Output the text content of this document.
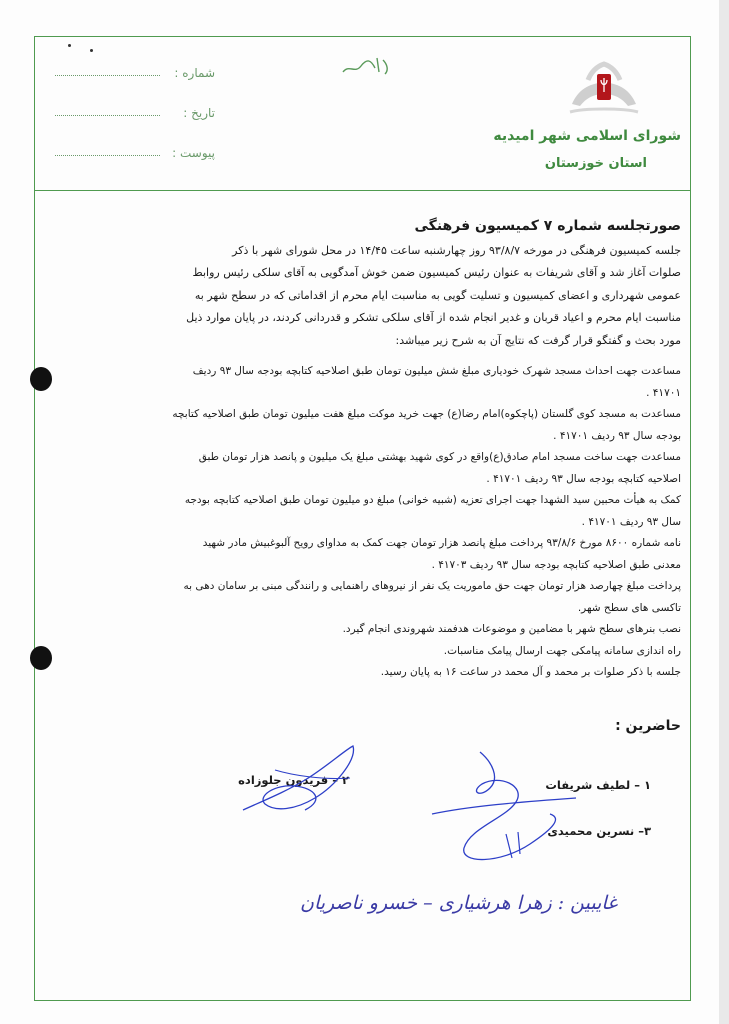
شماره :
تاریخ :
پیوست :
شورای اسلامی شهر امیدیه
استان خوزستان
صورتجلسه شماره ۷ کمیسیون فرهنگی
جلسه کمیسیون فرهنگی در مورخه ۹۳/۸/۷ روز چهارشنبه ساعت ۱۴/۴۵ در محل شورای شهر با ذکر
صلوات آغاز شد و آقای شریفات به عنوان رئیس کمیسیون ضمن خوش آمدگویی به آقای سلکی رئیس روابط
عمومی شهرداری و اعضای کمیسیون و تسلیت گویی به مناسبت ایام محرم از اقداماتی که در سطح شهر به
مناسبت ایام محرم و اعیاد قربان و غدیر انجام شده از آقای سلکی تشکر و قدردانی کردند، در پایان موارد ذیل
مورد بحث و گفتگو قرار گرفت که نتایج آن به شرح زیر میباشد:
مساعدت جهت احداث مسجد شهرک خودیاری مبلغ شش میلیون تومان طبق اصلاحیه کتابچه بودجه سال ۹۳ ردیف
۴۱۷۰۱ .
مساعدت به مسجد کوی گلستان (پاچکوه)امام رضا(ع) جهت خرید موکت مبلغ هفت میلیون تومان طبق اصلاحیه کتابچه
بودجه سال ۹۳ ردیف ۴۱۷۰۱ .
مساعدت جهت ساخت مسجد امام صادق(ع)واقع در کوی شهید بهشتی مبلغ یک میلیون و پانصد هزار تومان طبق
اصلاحیه کتابچه بودجه سال ۹۳ ردیف ۴۱۷۰۱ .
کمک به هیأت محبین سید الشهدا جهت اجرای تعزیه (شبیه خوانی) مبلغ دو میلیون تومان طبق اصلاحیه کتابچه بودجه
سال ۹۳ ردیف ۴۱۷۰۱ .
نامه شماره ۸۶۰۰ مورخ ۹۳/۸/۶ پرداخت مبلغ پانصد هزار تومان جهت کمک به مداوای رویح آلبوغبیش مادر شهید
معدنی طبق اصلاحیه کتابچه بودجه سال ۹۳ ردیف ۴۱۷۰۳ .
پرداخت مبلغ چهارصد هزار تومان جهت حق ماموریت یک نفر از نیروهای راهنمایی و رانندگی مبنی بر سامان دهی به
تاکسی های سطح شهر.
نصب بنرهای سطح شهر با مضامین و موضوعات هدفمند شهروندی انجام گیرد.
راه اندازی سامانه پیامکی جهت ارسال پیامک مناسبات.
جلسه با ذکر صلوات بر محمد و آل محمد در ساعت ۱۶ به پایان رسید.
حاضرین :
۱ – لطیف شریفات
۲ – فریدون جلوزاده
۳– نسرین محمیدی
غایبین : زهرا هرشیاری – خسرو ناصریان
